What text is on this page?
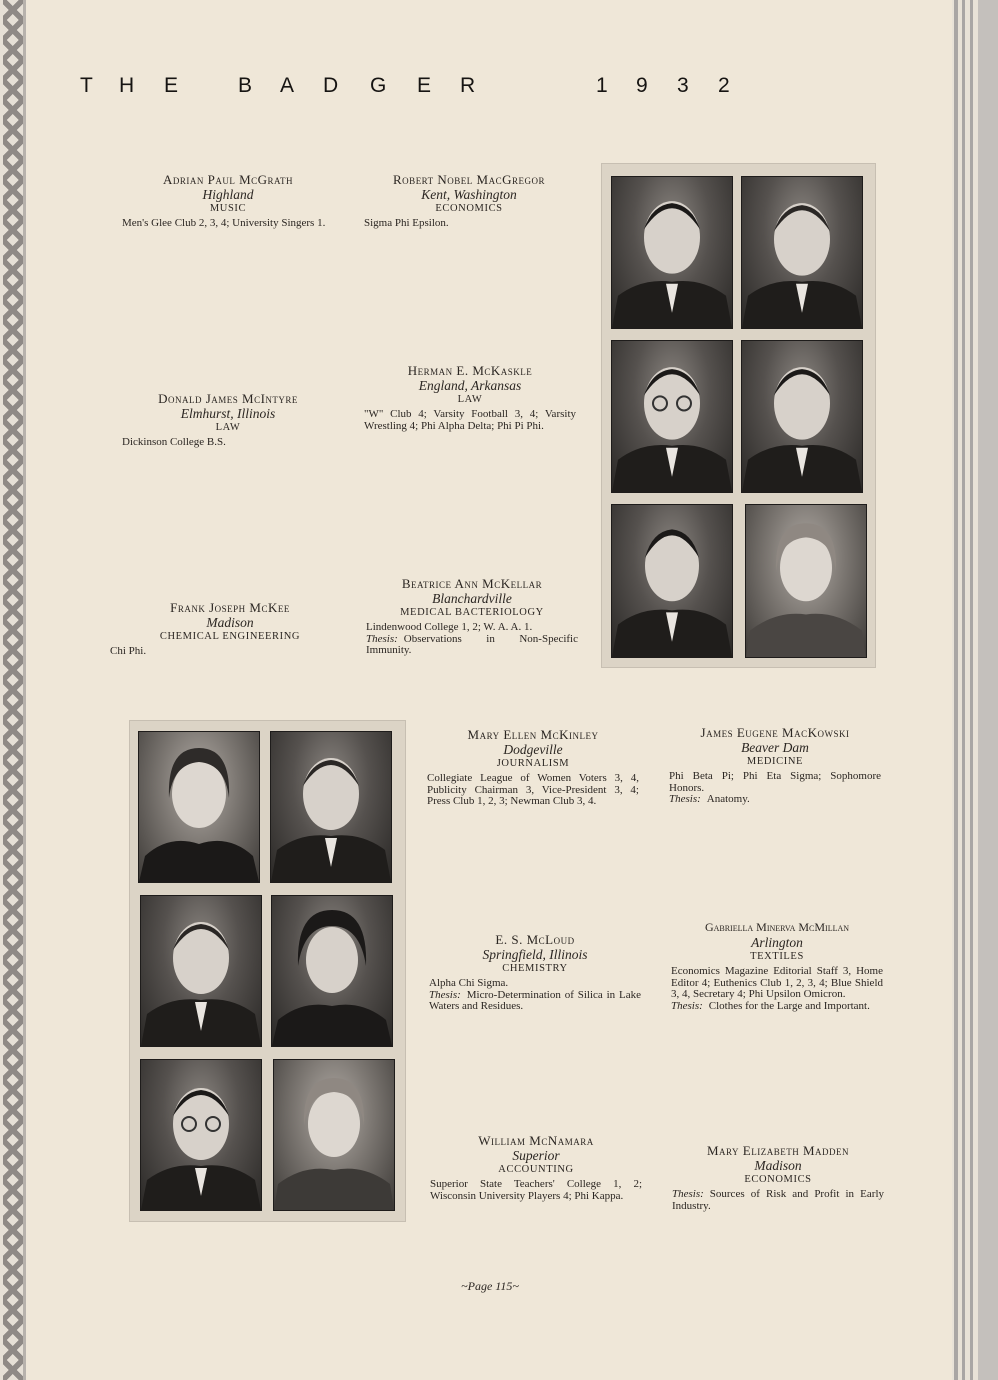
T H E	B A D G E R	1 9 3 2
Adrian Paul McGrath
Highland
MUSIC
Men's Glee Club 2, 3, 4; University Singers 1.
Robert Nobel MacGregor
Kent, Washington
ECONOMICS
Sigma Phi Epsilon.
Donald James McIntyre
Elmhurst, Illinois
LAW
Dickinson College B.S.
Herman E. McKaskle
England, Arkansas
LAW
"W" Club 4; Varsity Football 3, 4; Varsity Wrestling 4; Phi Alpha Delta; Phi Pi Phi.
Frank Joseph McKee
Madison
CHEMICAL ENGINEERING
Chi Phi.
Beatrice Ann McKellar
Blanchardville
MEDICAL BACTERIOLOGY
Lindenwood College 1, 2; W. A. A. 1.
Thesis: Observations in Non-Specific Immunity.
Mary Ellen McKinley
Dodgeville
JOURNALISM
Collegiate League of Women Voters 3, 4, Publicity Chairman 3, Vice-President 3, 4; Press Club 1, 2, 3; Newman Club 3, 4.
James Eugene MacKowski
Beaver Dam
MEDICINE
Phi Beta Pi; Phi Eta Sigma; Sophomore Honors.
Thesis: Anatomy.
E. S. McLoud
Springfield, Illinois
CHEMISTRY
Alpha Chi Sigma.
Thesis: Micro-Determination of Silica in Lake Waters and Residues.
Gabriella Minerva McMillan
Arlington
TEXTILES
Economics Magazine Editorial Staff 3, Home Editor 4; Euthenics Club 1, 2, 3, 4; Blue Shield 3, 4, Secretary 4; Phi Upsilon Omicron.
Thesis: Clothes for the Large and Important.
William McNamara
Superior
ACCOUNTING
Superior State Teachers' College 1, 2; Wisconsin University Players 4; Phi Kappa.
Mary Elizabeth Madden
Madison
ECONOMICS
Thesis: Sources of Risk and Profit in Early Industry.
~Page 115~
